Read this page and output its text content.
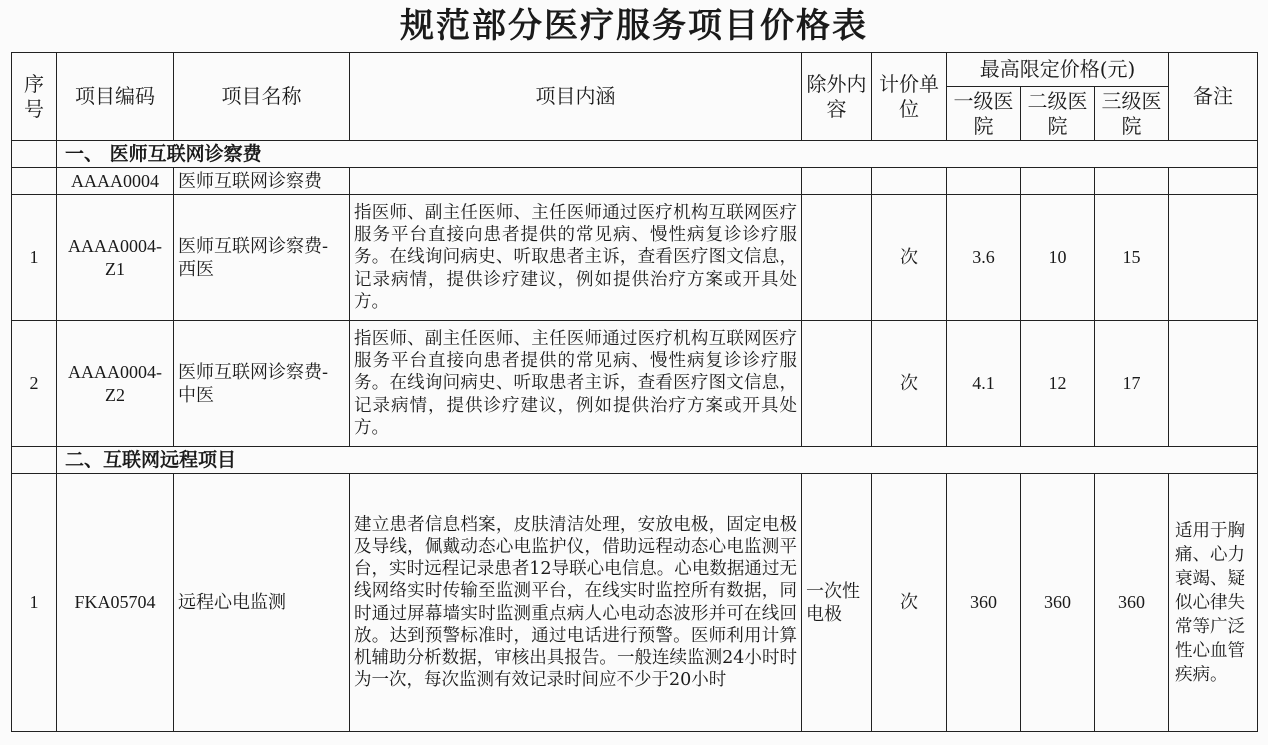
规范部分医疗服务项目价格表
序号	项目编码	项目名称	项目内涵	除外内容	计价单位	最高限定价格(元)			备注
						一级医院	二级医院	三级医院	
	一、 医师互联网诊察费								
	AAAA0004	医师互联网诊察费							
1	AAAA0004-Z1	医师互联网诊察费-西医	指医师、副主任医师、主任医师通过医疗机构互联网医疗服务平台直接向患者提供的常见病、慢性病复诊诊疗服务。在线询问病史、听取患者主诉，查看医疗图文信息，记录病情，提供诊疗建议，例如提供治疗方案或开具处方。		次	3.6	10	15	
2	AAAA0004-Z2	医师互联网诊察费-中医	指医师、副主任医师、主任医师通过医疗机构互联网医疗服务平台直接向患者提供的常见病、慢性病复诊诊疗服务。在线询问病史、听取患者主诉，查看医疗图文信息，记录病情，提供诊疗建议，例如提供治疗方案或开具处方。		次	4.1	12	17	
	二、互联网远程项目								
1	FKA05704	远程心电监测	建立患者信息档案，皮肤清洁处理，安放电极，固定电极及导线，佩戴动态心电监护仪，借助远程动态心电监测平台，实时远程记录患者12导联心电信息。心电数据通过无线网络实时传输至监测平台，在线实时监控所有数据，同时通过屏幕墙实时监测重点病人心电动态波形并可在线回放。达到预警标准时，通过电话进行预警。医师利用计算机辅助分析数据，审核出具报告。一般连续监测24小时时为一次，每次监测有效记录时间应不少于20小时	一次性电极	次	360	360	360	适用于胸痛、心力衰竭、疑似心律失常等广泛性心血管疾病。
